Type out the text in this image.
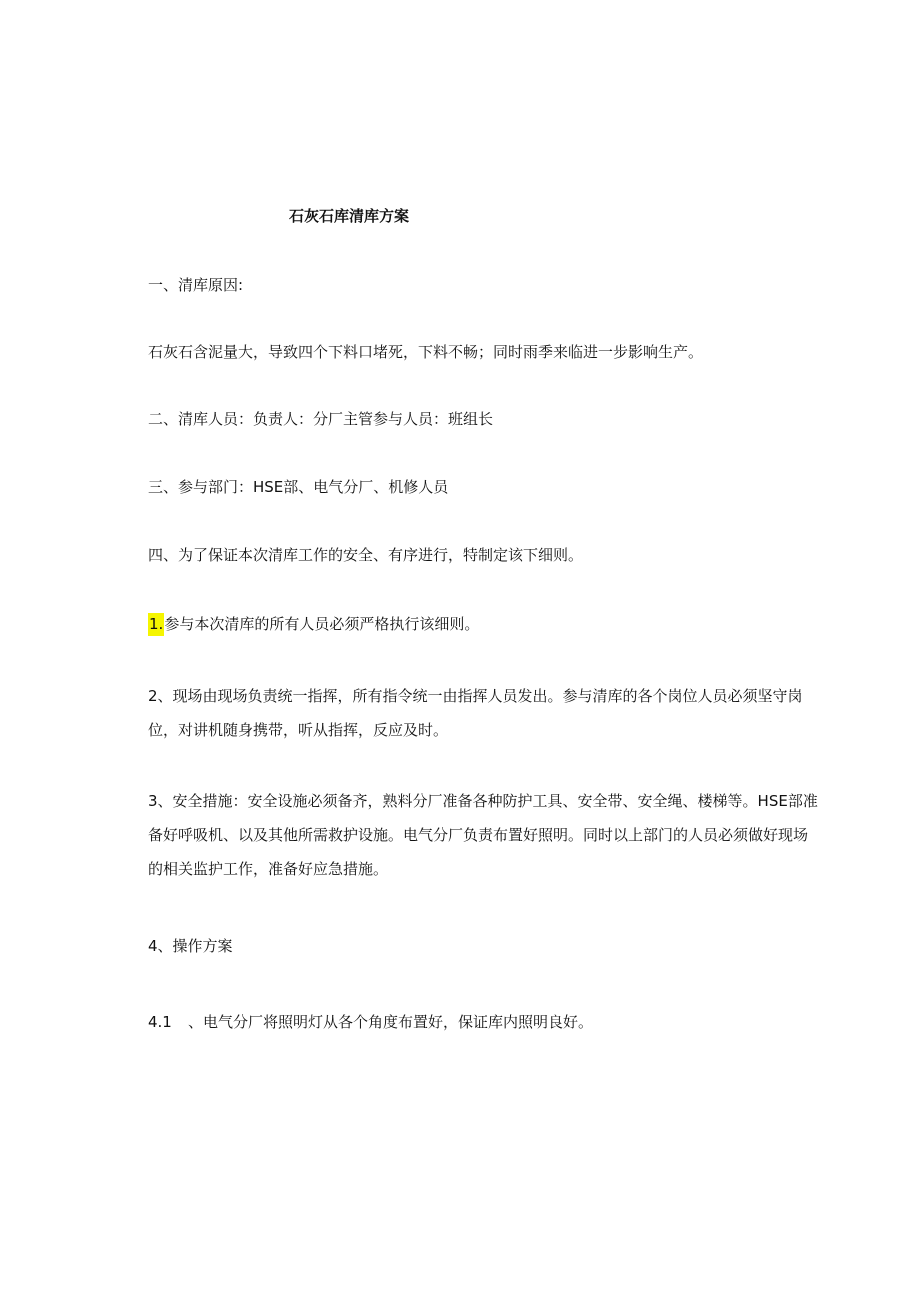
石灰石库清库方案
一、清库原因:
石灰石含泥量大，导致四个下料口堵死，下料不畅；同时雨季来临进一步影响生产。
二、清库人员：负责人：分厂主管参与人员：班组长
三、参与部门：HSE部、电气分厂、机修人员
四、为了保证本次清库工作的安全、有序进行，特制定该下细则。
1.参与本次清库的所有人员必须严格执行该细则。
2、现场由现场负责统一指挥，所有指令统一由指挥人员发出。参与清库的各个岗位人员必须坚守岗位，对讲机随身携带，听从指挥，反应及时。
3、安全措施：安全设施必须备齐，熟料分厂准备各种防护工具、安全带、安全绳、楼梯等。HSE部准备好呼吸机、以及其他所需救护设施。电气分厂负责布置好照明。同时以上部门的人员必须做好现场的相关监护工作，准备好应急措施。
4、操作方案
4.1 、电气分厂将照明灯从各个角度布置好，保证库内照明良好。
